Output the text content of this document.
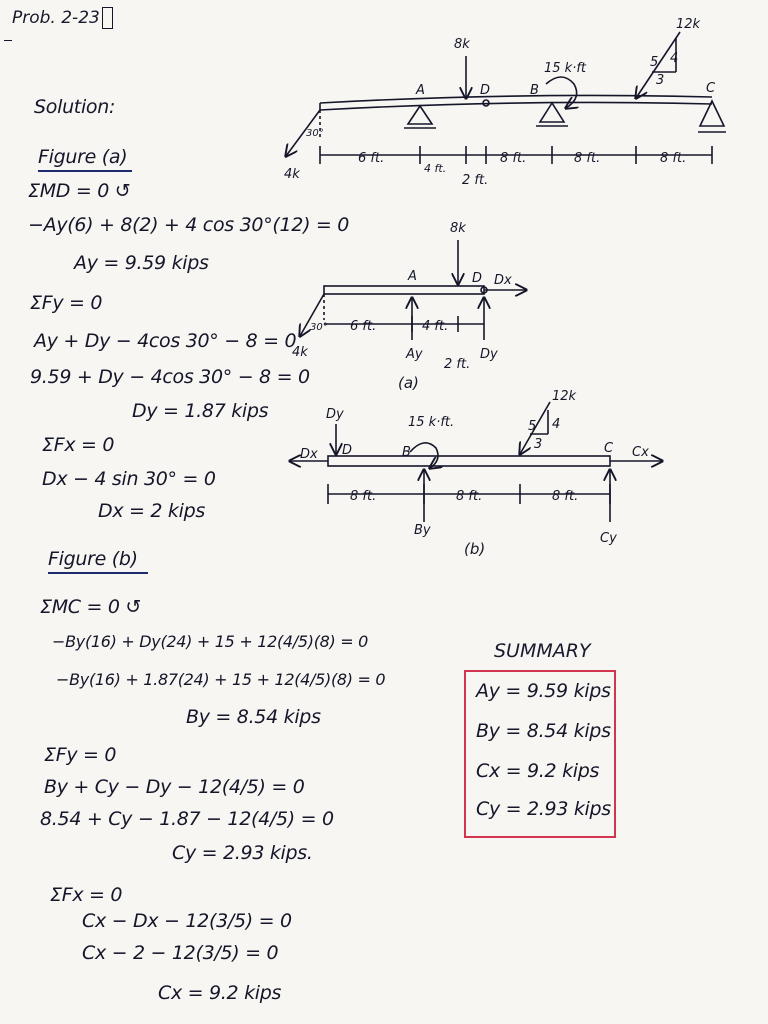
Prob. 2-23
Solution:
Figure (a)
ΣMD = 0 ↺
−Ay(6) + 8(2) + 4 cos 30°(12) = 0
Ay = 9.59 kips
ΣFy = 0
Ay + Dy − 4cos 30° − 8 = 0
9.59 + Dy − 4cos 30° − 8 = 0
Dy = 1.87 kips
ΣFx = 0
Dx − 4 sin 30° = 0
Dx = 2 kips
Figure (b)
ΣMC = 0 ↺
−By(16) + Dy(24) + 15 + 12(4/5)(8) = 0
−By(16) + 1.87(24) + 15 + 12(4/5)(8) = 0
By = 8.54 kips
ΣFy = 0
By + Cy − Dy − 12(4/5) = 0
8.54 + Cy − 1.87 − 12(4/5) = 0
Cy = 2.93 kips.
ΣFx = 0
Cx − Dx − 12(3/5) = 0
Cx − 2 − 12(3/5) = 0
Cx = 9.2 kips
SUMMARY
Ay = 9.59 kips
By = 8.54 kips
Cx = 9.2 kips
Cy = 2.93 kips
8k
15 k·ft
12k
5 4
3
A	D	B	C
30°
4k
6 ft.
4 ft.
8 ft.	8 ft.	8 ft.
2 ft.
8k
A	D Dx
30°
4k
6 ft.	4 ft.
Ay
2 ft.
Dy
(a)
Dy
15 k·ft.
12k
5 4
3
Dx D	B	C Cx
8 ft.	8 ft.	8 ft.
By
Cy
(b)
